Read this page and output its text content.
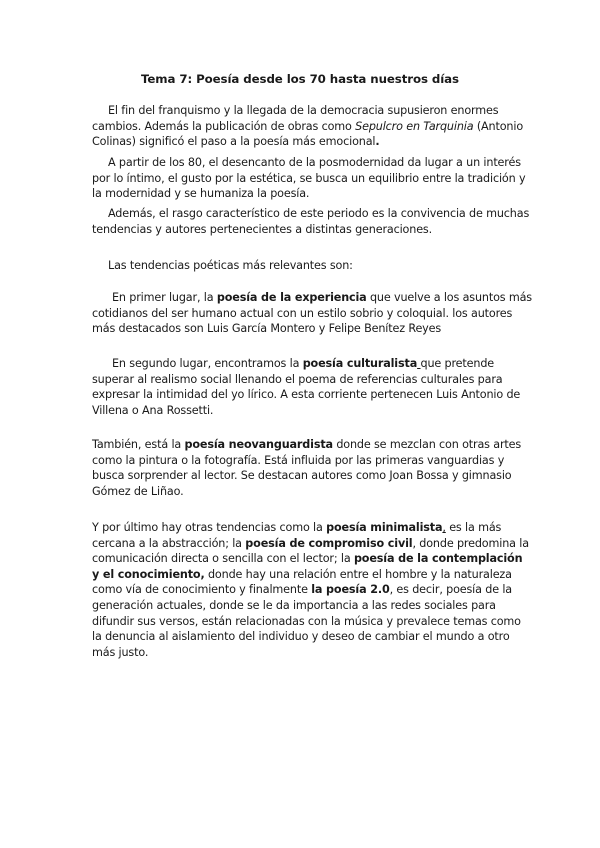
Tema 7: Poesía desde los 70 hasta nuestros días

El fin del franquismo y la llegada de la democracia supusieron enormes cambios. Además la publicación de obras como Sepulcro en Tarquinia (Antonio Colinas) significó el paso a la poesía más emocional.

A partir de los 80, el desencanto de la posmodernidad da lugar a un interés por lo íntimo, el gusto por la estética, se busca un equilibrio entre la tradición y la modernidad y se humaniza la poesía.

Además, el rasgo característico de este periodo es la convivencia de muchas tendencias y autores pertenecientes a distintas generaciones.

Las tendencias poéticas más relevantes son:

En primer lugar, la poesía de la experiencia que vuelve a los asuntos más cotidianos del ser humano actual con un estilo sobrio y coloquial. los autores más destacados son Luis García Montero y Felipe Benítez Reyes

En segundo lugar, encontramos la poesía culturalista que pretende superar al realismo social llenando el poema de referencias culturales para expresar la intimidad del yo lírico. A esta corriente pertenecen Luis Antonio de Villena o Ana Rossetti.

También, está la poesía neovanguardista donde se mezclan con otras artes como la pintura o la fotografía. Está influida por las primeras vanguardias y busca sorprender al lector. Se destacan autores como Joan Bossa y gimnasio Gómez de Liñao.

Y por último hay otras tendencias como la poesía minimalista, es la más cercana a la abstracción; la poesía de compromiso civil, donde predomina la comunicación directa o sencilla con el lector; la poesía de la contemplación y el conocimiento, donde hay una relación entre el hombre y la naturaleza como vía de conocimiento y finalmente la poesía 2.0, es decir, poesía de la generación actuales, donde se le da importancia a las redes sociales para difundir sus versos, están relacionadas con la música y prevalece temas como la denuncia al aislamiento del individuo y deseo de cambiar el mundo a otro más justo.
